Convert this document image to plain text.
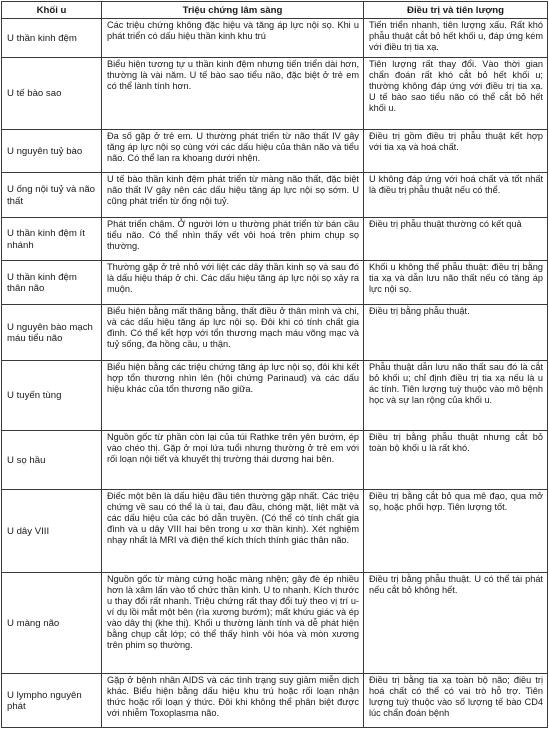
Khối u	Triệu chứng lâm sàng	Điều trị và tiên lượng
U thần kinh đệm	Các triệu chứng không đặc hiệu và tăng áp lực nội sọ. Khi u phát triển có dấu hiệu thần kinh khu trú	Tiến triển nhanh, tiên lượng xấu. Rất khó phẫu thuật cắt bỏ hết khối u, đáp ứng kém với điều trị tia xạ.
U tế bào sao	Biểu hiện tương tự u thần kinh đệm nhưng tiến triển dài hơn, thường là vài năm. U tế bào sao tiểu não, đặc biệt ở trẻ em có thể lành tính hơn.	Tiên lượng rất thay đổi. Vào thời gian chẩn đoán rất khó cắt bỏ hết khối u; thường không đáp ứng với điều trị tia xạ. U tế bào sao tiểu não có thể cắt bỏ hết khối u.
U nguyên tuỷ bào	Đa số gặp ở trẻ em. U thường phát triển từ não thất IV gây tăng áp lực nội sọ cùng với các dấu hiệu của thân não và tiểu não. Có thể lan ra khoang dưới nhện.	Điều trị gồm điều trị phẫu thuật kết hợp với tia xạ và hoá chất.
U ống nội tuỷ và não thất	U tế bào thần kinh đệm phát triển từ màng não thất, đặc biệt não thất IV gây nên các dấu hiệu tăng áp lực nội sọ sớm. U cũng phát triển từ ống nội tuỷ.	U không đáp ứng với hoá chất và tốt nhất là điều trị phẫu thuật nếu có thể.
U thần kinh đệm ít nhánh	Phát triển chậm. Ở người lớn u thường phát triển từ bán cầu tiểu não. Có thể nhìn thấy vết vôi hoá trên phim chụp sọ thường.	Điều trị phẫu thuật thường có kết quả
U thần kinh đệm thân não	Thường gặp ở trẻ nhỏ với liệt các dây thần kinh sọ và sau đó là dấu hiệu tháp ở chi. Các dấu hiệu tăng áp lực nội sọ xảy ra muộn.	Khối u không thể phẫu thuật: điều trị bằng tia xạ và dẫn lưu não thất nếu có tăng áp lực nội sọ.
U nguyên bào mạch máu tiểu não	Biểu hiện bằng mất thăng bằng, thất điều ở thân mình và chi, và các dấu hiệu tăng áp lực nội sọ. Đôi khi có tính chất gia đình. Có thể kết hợp với tổn thương mạch máu võng mạc và tuỷ sống, đa hồng cầu, u thận.	Điều trị bằng phẫu thuật.
U tuyến tùng	Biểu hiện bằng các triệu chứng tăng áp lực nội sọ, đôi khi kết hợp tổn thương nhìn lên (hội chứng Parinaud) và các dấu hiệu khác của tổn thương não giữa.	Phẫu thuật dẫn lưu não thất sau đó là cắt bỏ khối u; chỉ định điều trị tia xạ nếu là u ác tính. Tiên lượng tuỳ thuộc vào mô bệnh học và sự lan rộng của khối u.
U sọ hầu	Nguồn gốc từ phần còn lại của túi Rathke trên yên bướm, ép vào chéo thị. Gặp ở mọi lứa tuổi nhưng thường ở trẻ em với rối loạn nội tiết và khuyết thị trường thái dương hai bên.	Điều trị bằng phẫu thuật nhưng cắt bỏ toàn bộ khối u là rất khó.
U dây VIII	Điếc một bên là dấu hiệu đầu tiên thường gặp nhất. Các triệu chứng về sau có thể là ù tai, đau đầu, chóng mặt, liệt mặt và các dấu hiệu của các bó dẫn truyền. (Có thể có tính chất gia đình và u dây VIII hai bên trong u xơ thần kinh). Xét nghiệm nhạy nhất là MRI và điện thế kích thích thính giác thân não.	Điều trị bằng cắt bỏ qua mê đạo, qua mở sọ, hoặc phối hợp. Tiên lượng tốt.
U màng não	Nguồn gốc từ màng cứng hoặc màng nhện; gây đè ép nhiều hơn là xâm lấn vào tổ chức thần kinh. U to nhanh. Kích thước u thay đổi rất nhanh. Triệu chứng rất thay đổi tuỳ theo vị trí u-ví dụ lồi mắt một bên (rìa xương bướm); mất khứu giác và ép vào dây thị (khe thị). Khối u thường lành tính và dễ phát hiện bằng chụp cắt lớp; có thể thấy hình vôi hóa và mòn xương trên phim sọ thường.	Điều trị bằng phẫu thuật. U có thể tái phát nếu cắt bỏ không hết.
U lympho nguyên phát	Gặp ở bệnh nhân AIDS và các tình trạng suy giảm miễn dịch khác. Biểu hiện bằng dấu hiệu khu trú hoặc rối loạn nhận thức hoặc rối loạn ý thức. Đôi khi không thể phân biệt được với nhiễm Toxoplasma não.	Điều trị bằng tia xạ toàn bộ não; điều trị hoá chất có thể có vai trò hỗ trợ. Tiên lượng tuỳ thuộc vào số lượng tế bào CD4 lúc chẩn đoán bệnh
